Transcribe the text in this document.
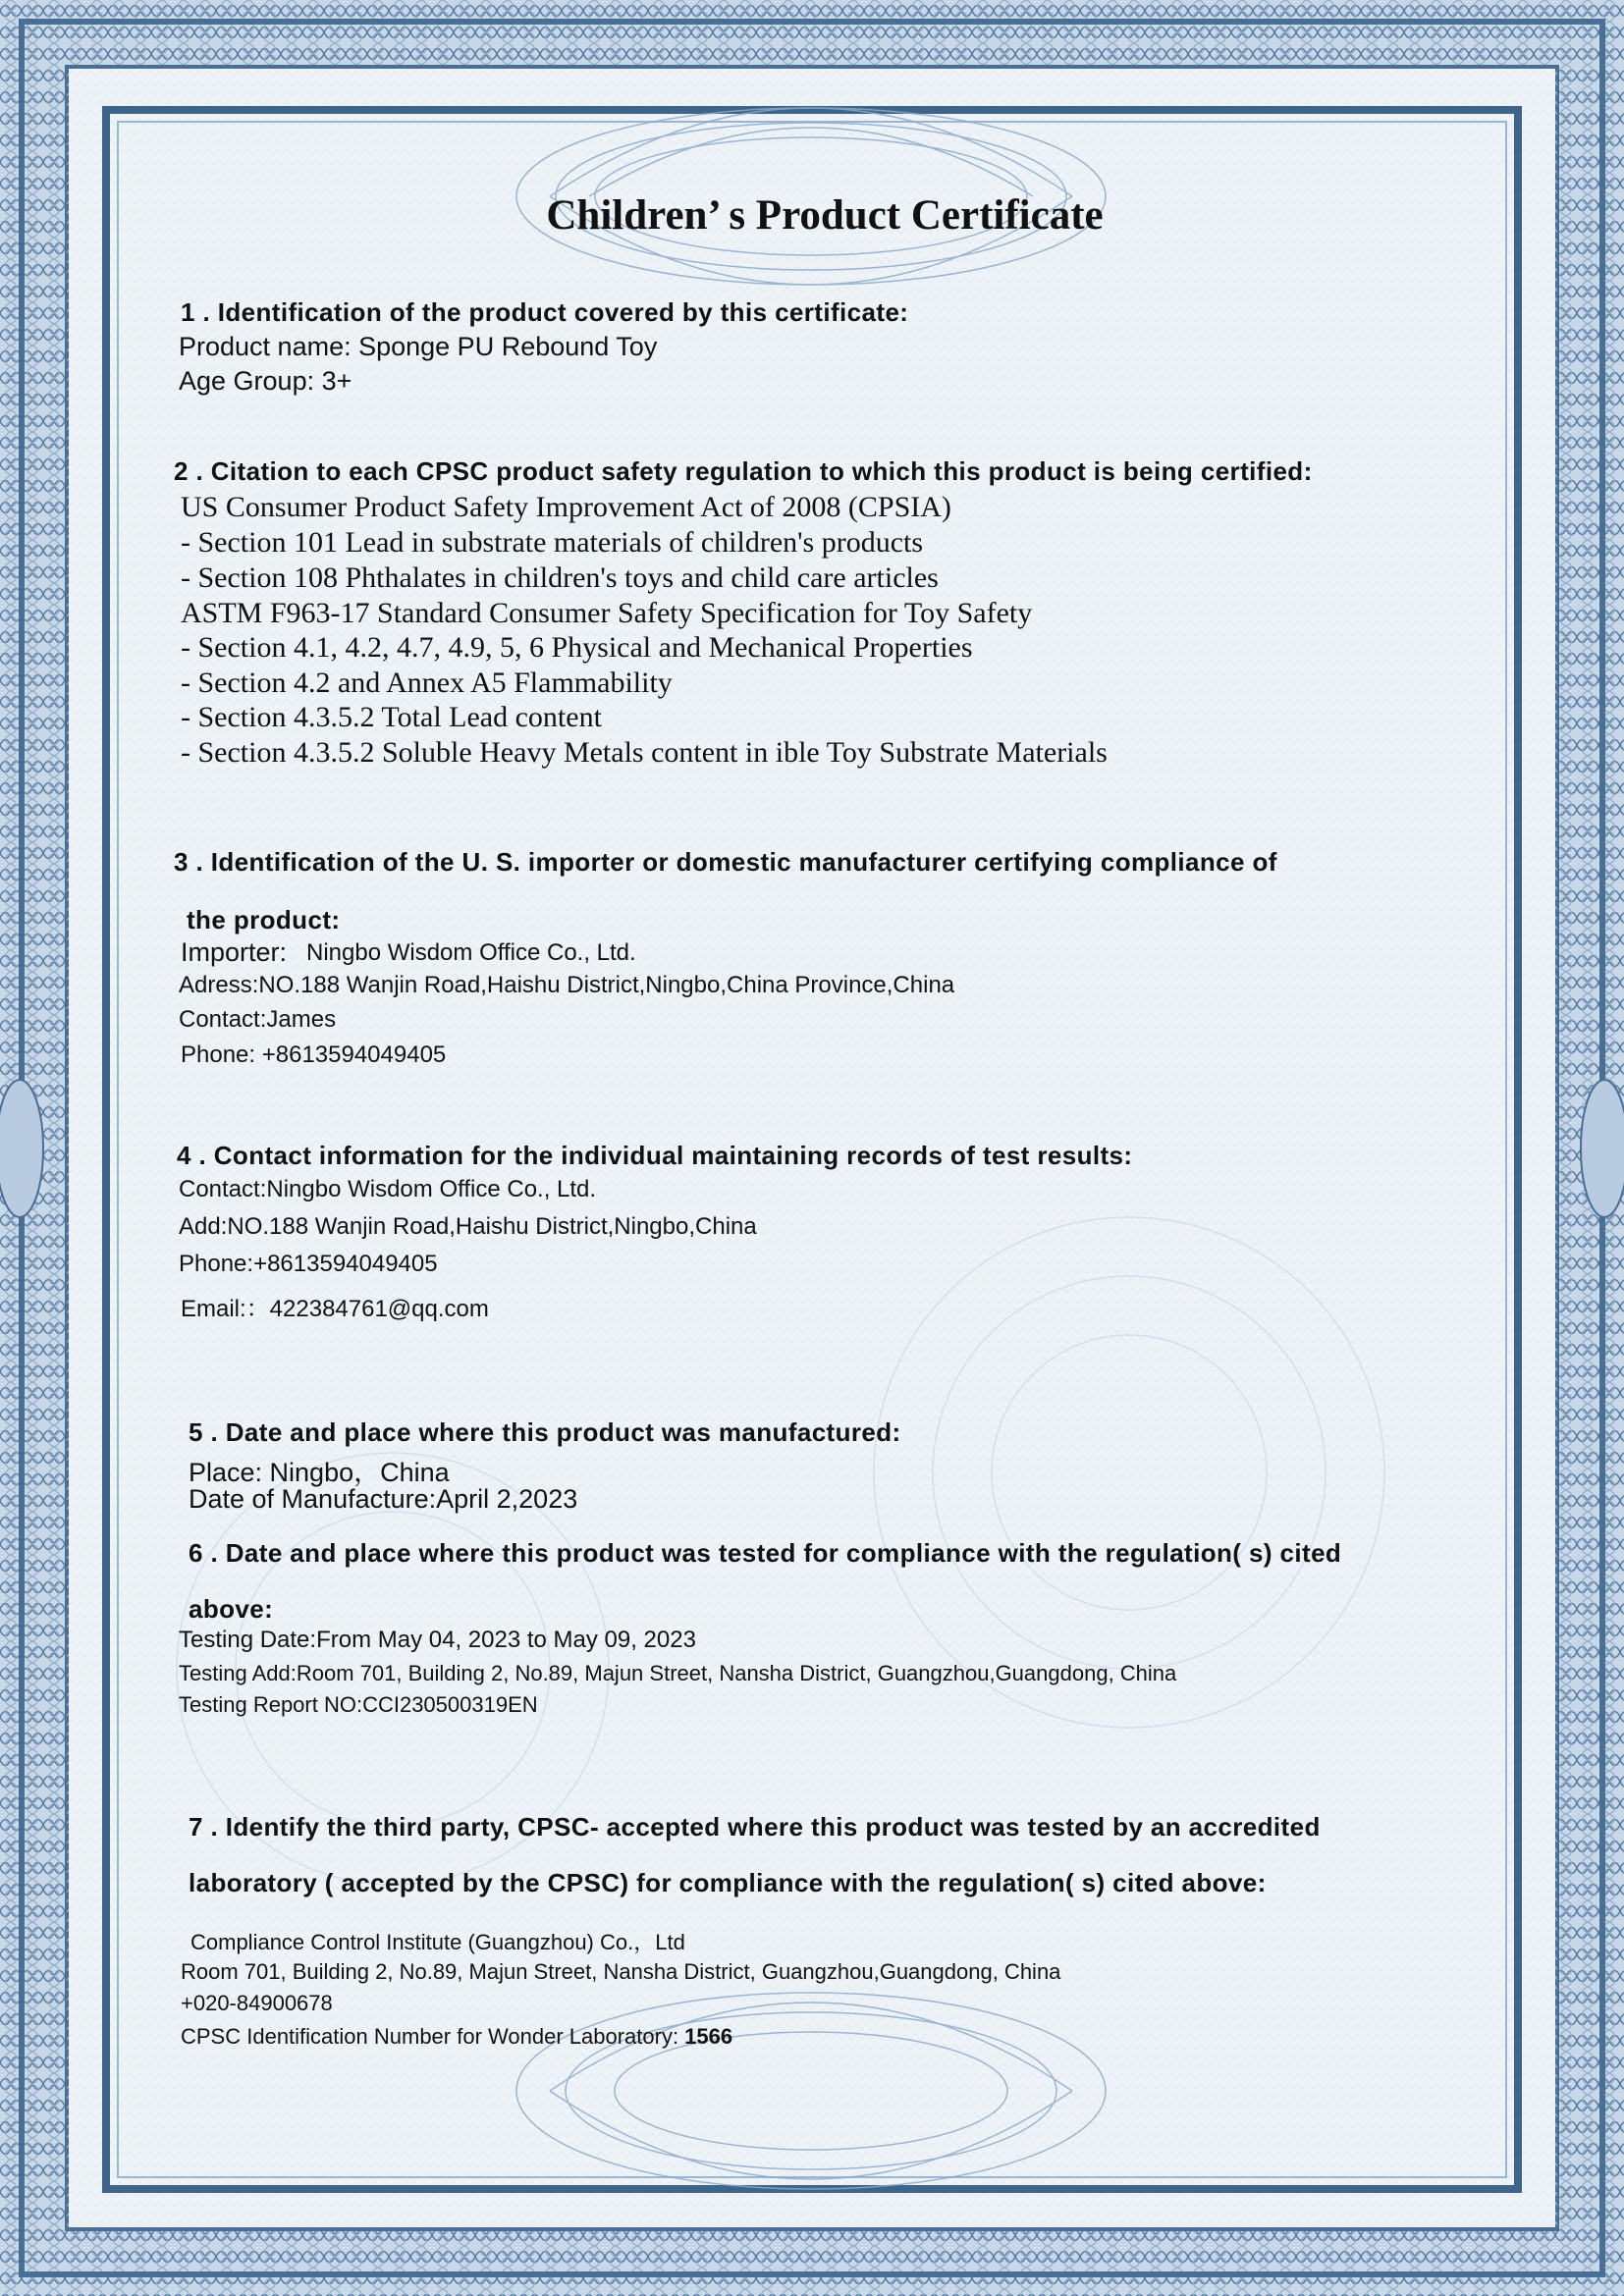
Children’ s Product Certificate
1 . Identification of the product covered by this certificate:
Product name: Sponge PU Rebound Toy
Age Group: 3+
2 . Citation to each CPSC product safety regulation to which this product is being certified:
US Consumer Product Safety Improvement Act of 2008 (CPSIA)
- Section 101 Lead in substrate materials of children's products
- Section 108 Phthalates in children's toys and child care articles
ASTM F963-17 Standard Consumer Safety Specification for Toy Safety
- Section 4.1, 4.2, 4.7, 4.9, 5, 6 Physical and Mechanical Properties
- Section 4.2 and Annex A5 Flammability
- Section 4.3.5.2 Total Lead content
- Section 4.3.5.2 Soluble Heavy Metals content in ible Toy Substrate Materials
3 . Identification of the U. S. importer or domestic manufacturer certifying compliance of
the product:
Importer: Ningbo Wisdom Office Co., Ltd.
Adress:NO.188 Wanjin Road,Haishu District,Ningbo,China Province,China
Contact:James
Phone: +8613594049405
4 . Contact information for the individual maintaining records of test results:
Contact:Ningbo Wisdom Office Co., Ltd.
Add:NO.188 Wanjin Road,Haishu District,Ningbo,China
Phone:+8613594049405
Email:：422384761@qq.com
5 . Date and place where this product was manufactured:
Place: Ningbo，China
Date of Manufacture:April 2,2023
6 . Date and place where this product was tested for compliance with the regulation( s) cited
above:
Testing Date:From May 04, 2023 to May 09, 2023
Testing Add:Room 701, Building 2, No.89, Majun Street, Nansha District, Guangzhou,Guangdong, China
Testing Report NO:CCI230500319EN
7 . Identify the third party, CPSC- accepted where this product was tested by an accredited
laboratory ( accepted by the CPSC) for compliance with the regulation( s) cited above:
Compliance Control Institute (Guangzhou) Co.，Ltd
Room 701, Building 2, No.89, Majun Street, Nansha District, Guangzhou,Guangdong, China
+020-84900678
CPSC Identification Number for Wonder Laboratory: 1566
